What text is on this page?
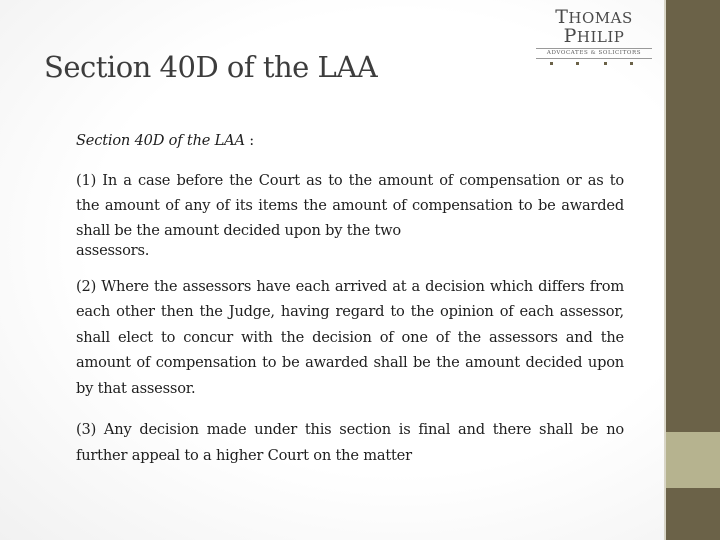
THOMAS PHILIP
ADVOCATES & SOLICITORS
Section 40D of the LAA

Section 40D of the LAA :

(1) In a case before the Court as to the amount of compensation or as to the amount of any of its items the amount of compensation to be awarded shall be the amount decided upon by the two
assessors.

(2) Where the assessors have each arrived at a decision which differs from each other then the Judge, having regard to the opinion of each assessor, shall elect to concur with the decision of one of the assessors and the amount of compensation to be awarded shall be the amount decided upon by that assessor.

(3) Any decision made under this section is final and there shall be no further appeal to a higher Court on the matter
